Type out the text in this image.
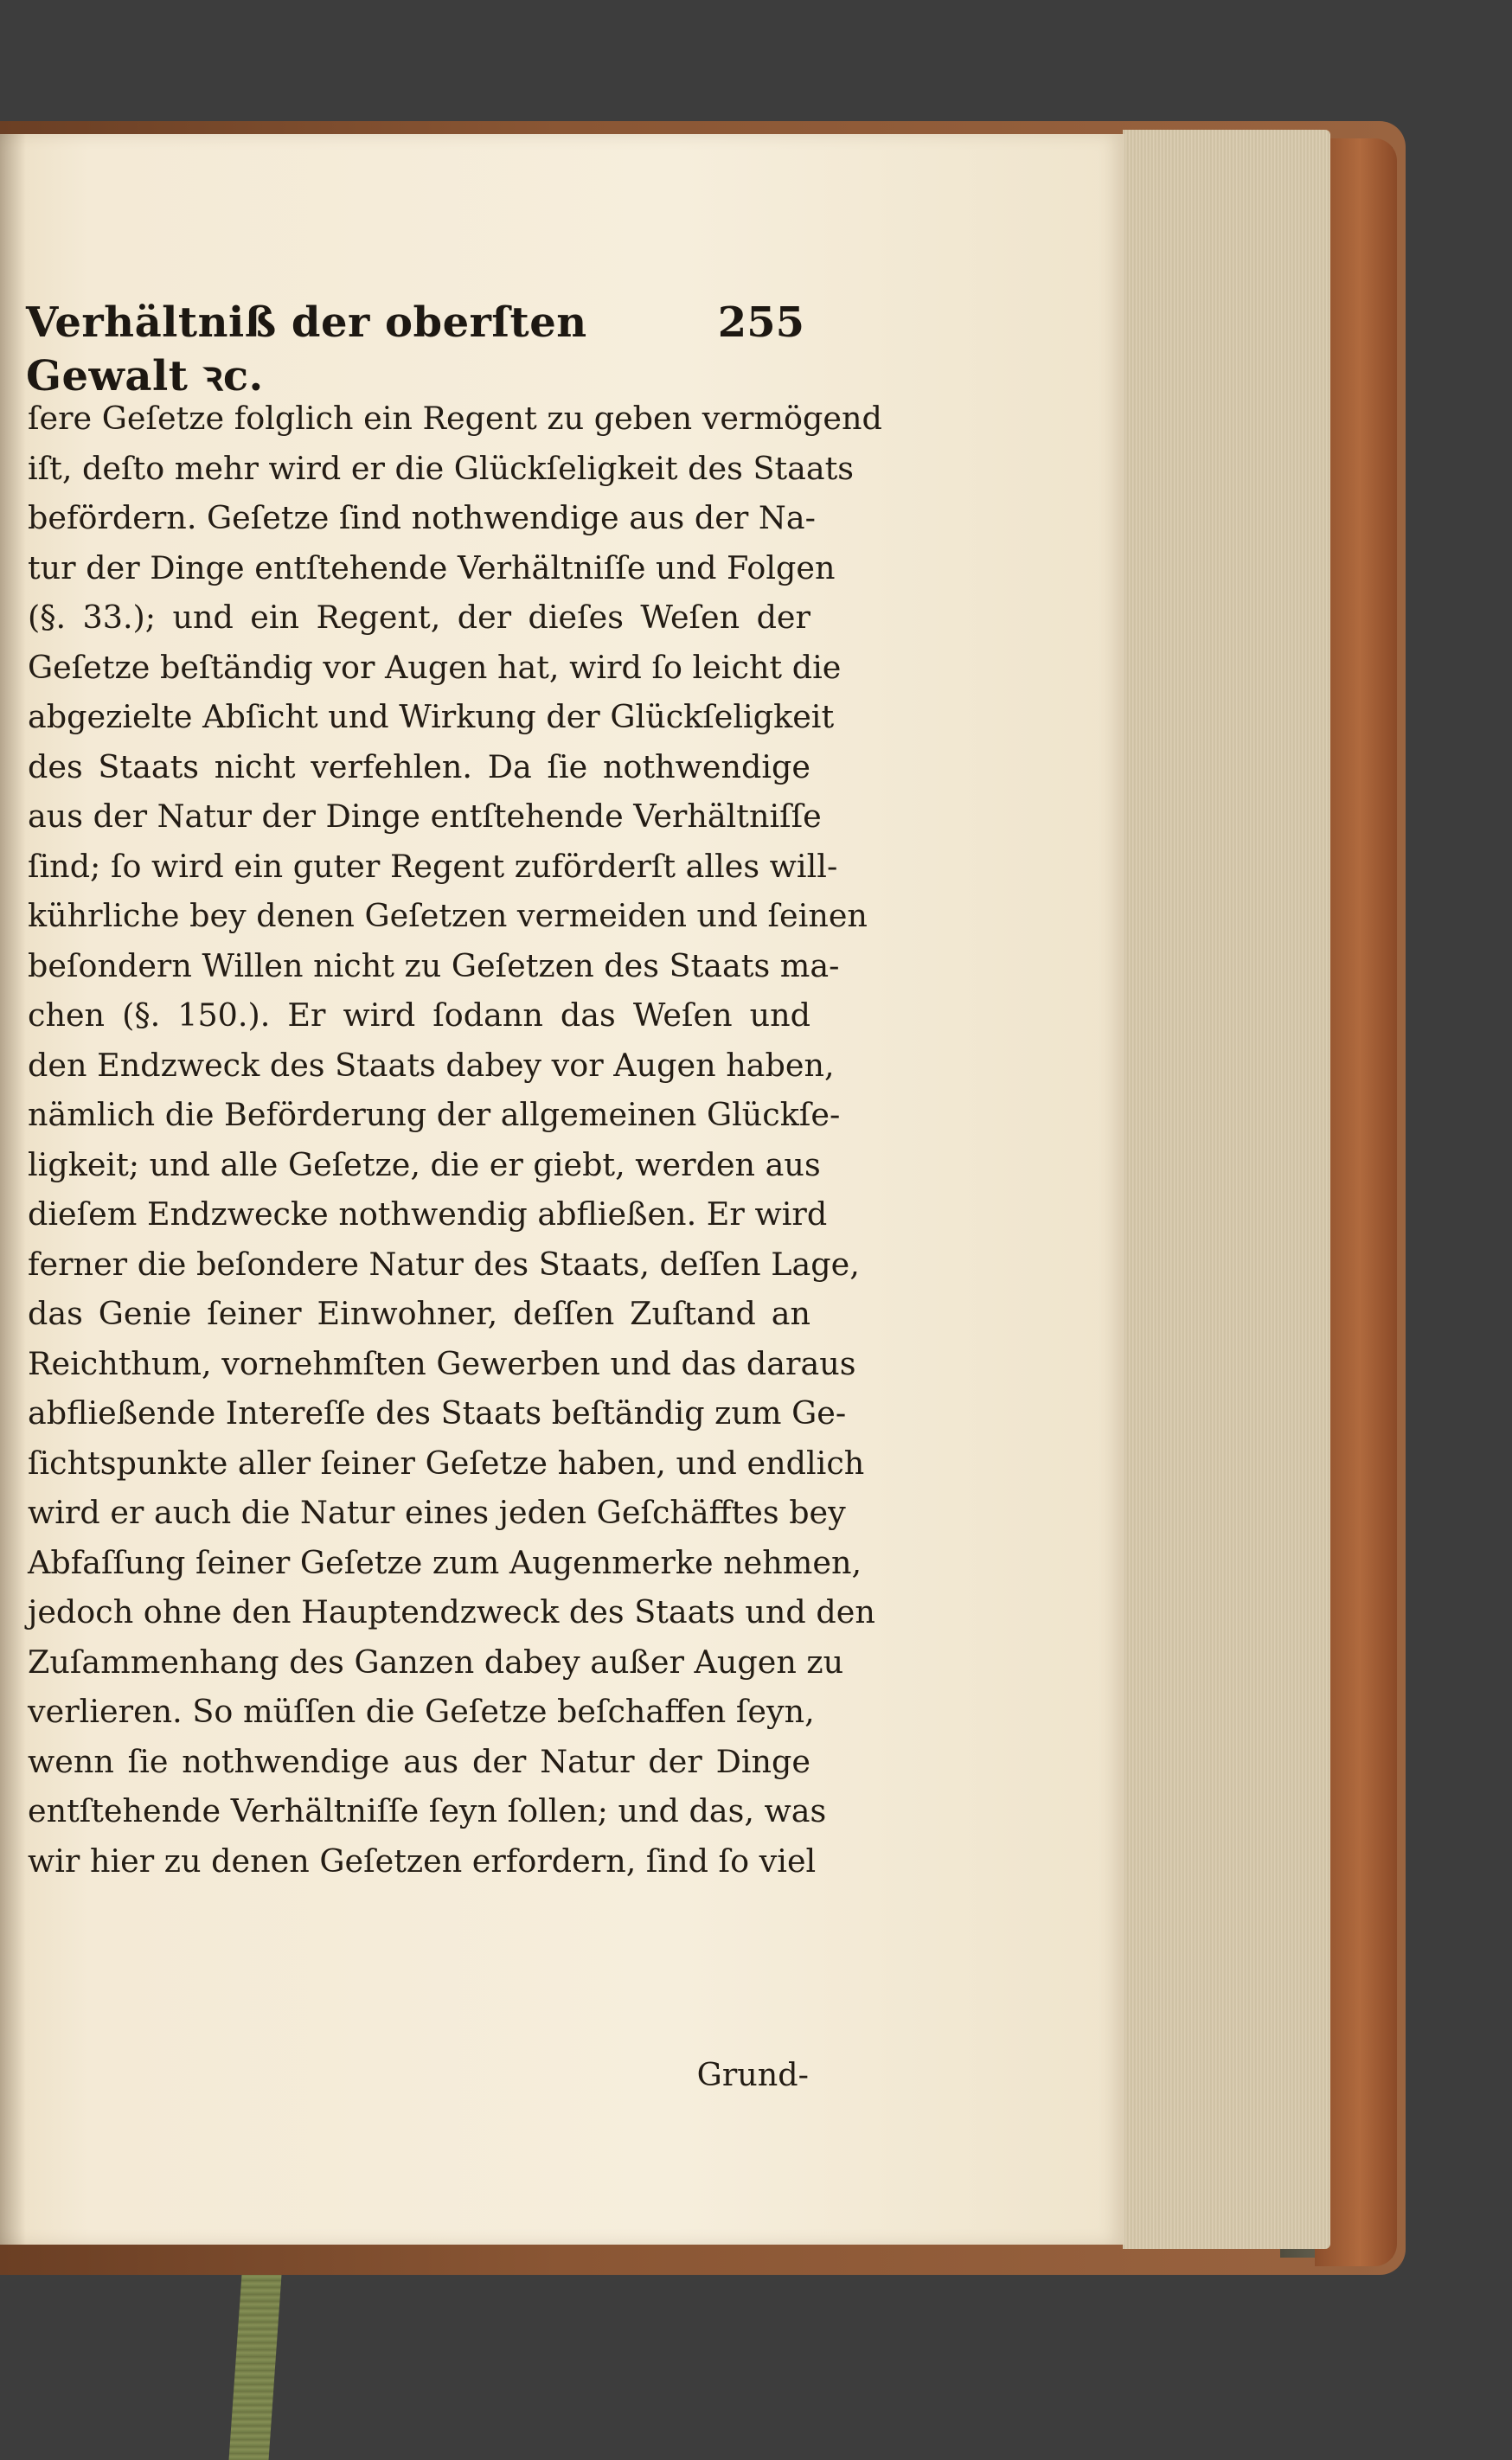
Verhältniß der oberſten Gewalt ꝛc.
255
ſere Geſetze folglich ein Regent zu geben vermögend
iſt, deſto mehr wird er die Glückſeligkeit des Staats
befördern. Geſetze ſind nothwendige aus der Na-
tur der Dinge entſtehende Verhältniſſe und Folgen
(§. 33.); und ein Regent, der dieſes Weſen der
Geſetze beſtändig vor Augen hat, wird ſo leicht die
abgezielte Abſicht und Wirkung der Glückſeligkeit
des Staats nicht verfehlen. Da ſie nothwendige
aus der Natur der Dinge entſtehende Verhältniſſe
ſind; ſo wird ein guter Regent zuförderſt alles will-
kührliche bey denen Geſetzen vermeiden und ſeinen
beſondern Willen nicht zu Geſetzen des Staats ma-
chen (§. 150.). Er wird ſodann das Weſen und
den Endzweck des Staats dabey vor Augen haben,
nämlich die Beförderung der allgemeinen Glückſe-
ligkeit; und alle Geſetze, die er giebt, werden aus
dieſem Endzwecke nothwendig abfließen. Er wird
ferner die beſondere Natur des Staats, deſſen Lage,
das Genie ſeiner Einwohner, deſſen Zuſtand an
Reichthum, vornehmſten Gewerben und das daraus
abfließende Intereſſe des Staats beſtändig zum Ge-
ſichtspunkte aller ſeiner Geſetze haben, und endlich
wird er auch die Natur eines jeden Geſchäfftes bey
Abfaſſung ſeiner Geſetze zum Augenmerke nehmen,
jedoch ohne den Hauptendzweck des Staats und den
Zuſammenhang des Ganzen dabey außer Augen zu
verlieren. So müſſen die Geſetze beſchaffen ſeyn,
wenn ſie nothwendige aus der Natur der Dinge
entſtehende Verhältniſſe ſeyn ſollen; und das, was
wir hier zu denen Geſetzen erfordern, ſind ſo viel
Grund-
